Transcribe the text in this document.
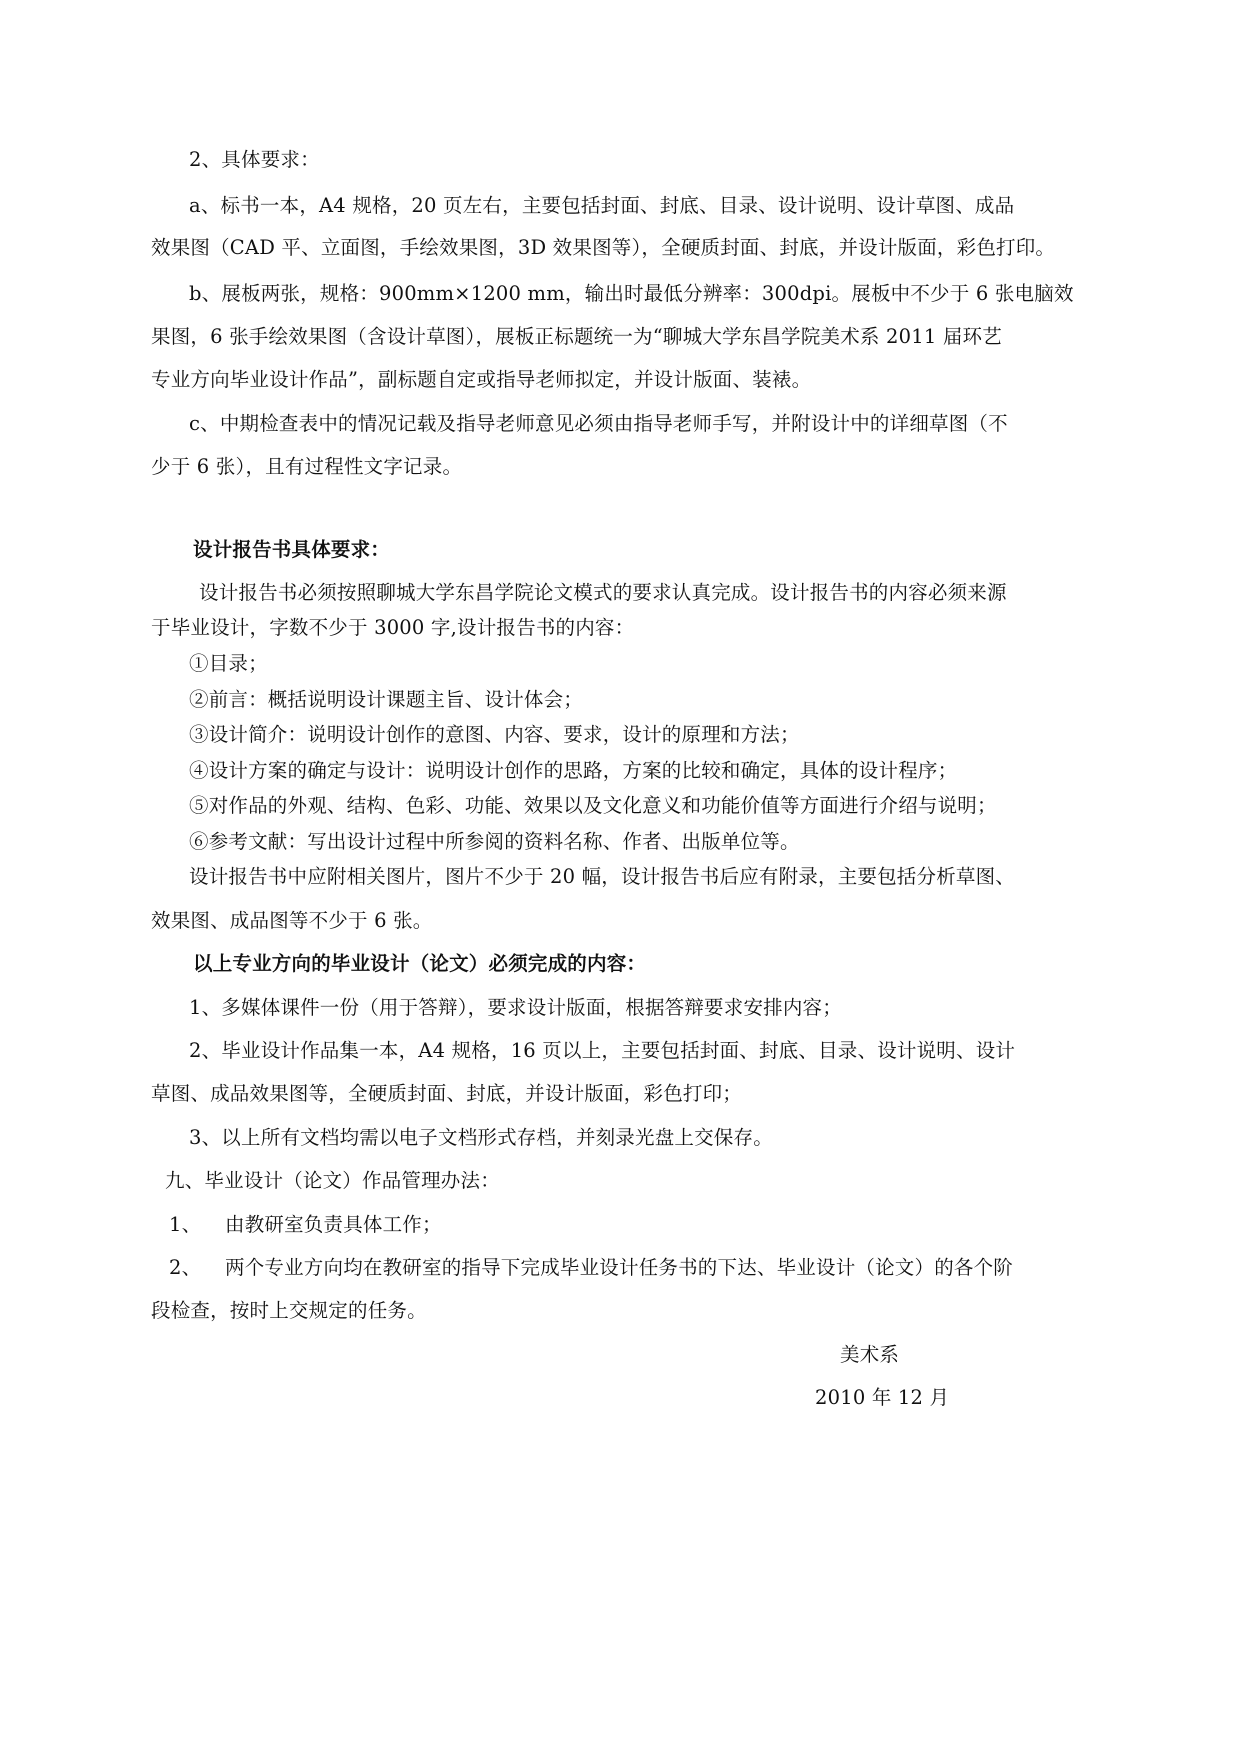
2、具体要求：
a、标书一本，A4 规格，20 页左右，主要包括封面、封底、目录、设计说明、设计草图、成品
效果图（CAD 平、立面图，手绘效果图，3D 效果图等），全硬质封面、封底，并设计版面，彩色打印。
b、展板两张，规格：900mm×1200 mm，输出时最低分辨率：300dpi。展板中不少于 6 张电脑效
果图，6 张手绘效果图（含设计草图），展板正标题统一为“聊城大学东昌学院美术系 2011 届环艺
专业方向毕业设计作品”，副标题自定或指导老师拟定，并设计版面、装裱。
c、中期检查表中的情况记载及指导老师意见必须由指导老师手写，并附设计中的详细草图（不
少于 6 张），且有过程性文字记录。
设计报告书具体要求：
设计报告书必须按照聊城大学东昌学院论文模式的要求认真完成。设计报告书的内容必须来源
于毕业设计，字数不少于 3000 字,设计报告书的内容：
①目录；
②前言：概括说明设计课题主旨、设计体会；
③设计简介：说明设计创作的意图、内容、要求，设计的原理和方法；
④设计方案的确定与设计：说明设计创作的思路，方案的比较和确定，具体的设计程序；
⑤对作品的外观、结构、色彩、功能、效果以及文化意义和功能价值等方面进行介绍与说明；
⑥参考文献：写出设计过程中所参阅的资料名称、作者、出版单位等。
设计报告书中应附相关图片，图片不少于 20 幅，设计报告书后应有附录，主要包括分析草图、
效果图、成品图等不少于 6 张。
以上专业方向的毕业设计（论文）必须完成的内容：
1、多媒体课件一份（用于答辩），要求设计版面，根据答辩要求安排内容；
2、毕业设计作品集一本，A4 规格，16 页以上，主要包括封面、封底、目录、设计说明、设计
草图、成品效果图等，全硬质封面、封底，并设计版面，彩色打印；
3、以上所有文档均需以电子文档形式存档，并刻录光盘上交保存。
九、毕业设计（论文）作品管理办法：
1、 由教研室负责具体工作；
2、 两个专业方向均在教研室的指导下完成毕业设计任务书的下达、毕业设计（论文）的各个阶
段检查，按时上交规定的任务。
美术系
2010 年 12 月
